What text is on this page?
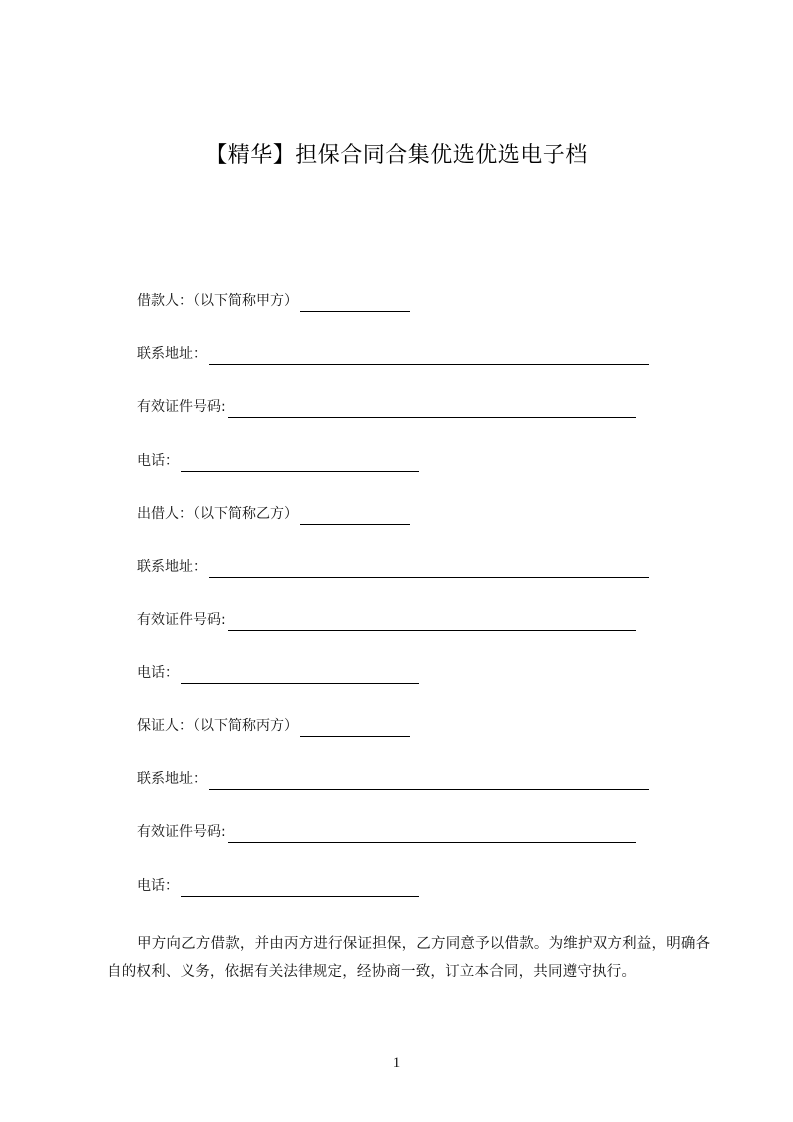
【精华】担保合同合集优选优选电子档
借款人：（以下简称甲方）
联系地址：
有效证件号码:
电话：
出借人：（以下简称乙方）
联系地址：
有效证件号码:
电话：
保证人：（以下简称丙方）
联系地址：
有效证件号码:
电话：

甲方向乙方借款，并由丙方进行保证担保，乙方同意予以借款。为维护双方利益，明确各自的权利、义务，依据有关法律规定，经协商一致，订立本合同，共同遵守执行。

1
